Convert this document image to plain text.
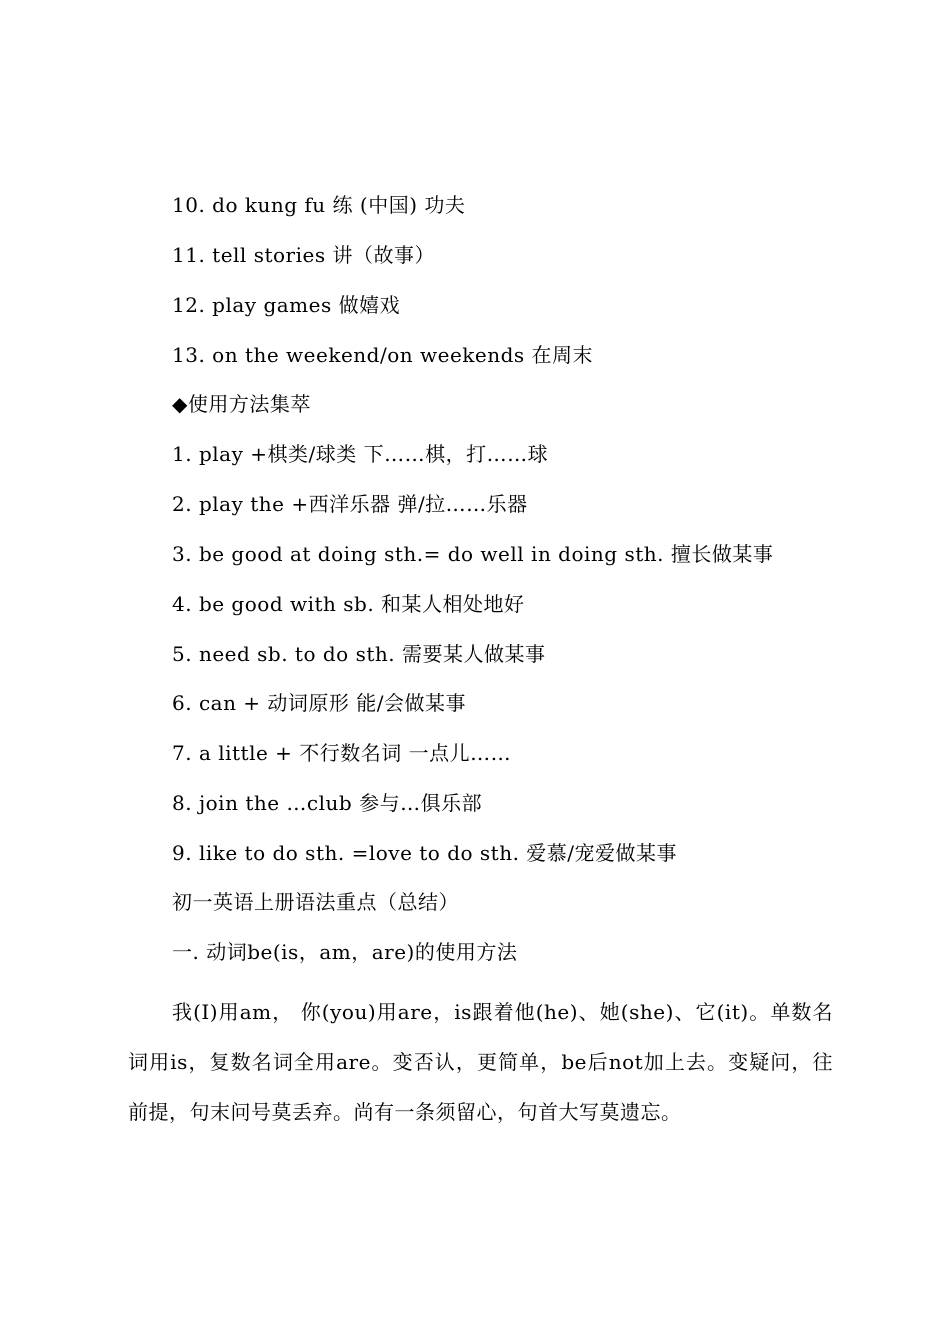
10. do kung fu 练 (中国) 功夫
11. tell stories 讲（故事）
12. play games 做嬉戏
13. on the weekend/on weekends 在周末
◆使用方法集萃
1. play +棋类/球类 下……棋，打……球
2. play the +西洋乐器 弹/拉……乐器
3. be good at doing sth.= do well in doing sth. 擅长做某事
4. be good with sb. 和某人相处地好
5. need sb. to do sth. 需要某人做某事
6. can + 动词原形 能/会做某事
7. a little + 不行数名词 一点儿……
8. join the …club 参与…俱乐部
9. like to do sth. =love to do sth. 爱慕/宠爱做某事
初一英语上册语法重点（总结）
一. 动词be(is，am，are)的使用方法
我(I)用am， 你(you)用are，is跟着他(he)、她(she)、它(it)。单数名词用is，复数名词全用are。变否认，更简单，be后not加上去。变疑问，往前提，句末问号莫丢弃。尚有一条须留心，句首大写莫遗忘。
